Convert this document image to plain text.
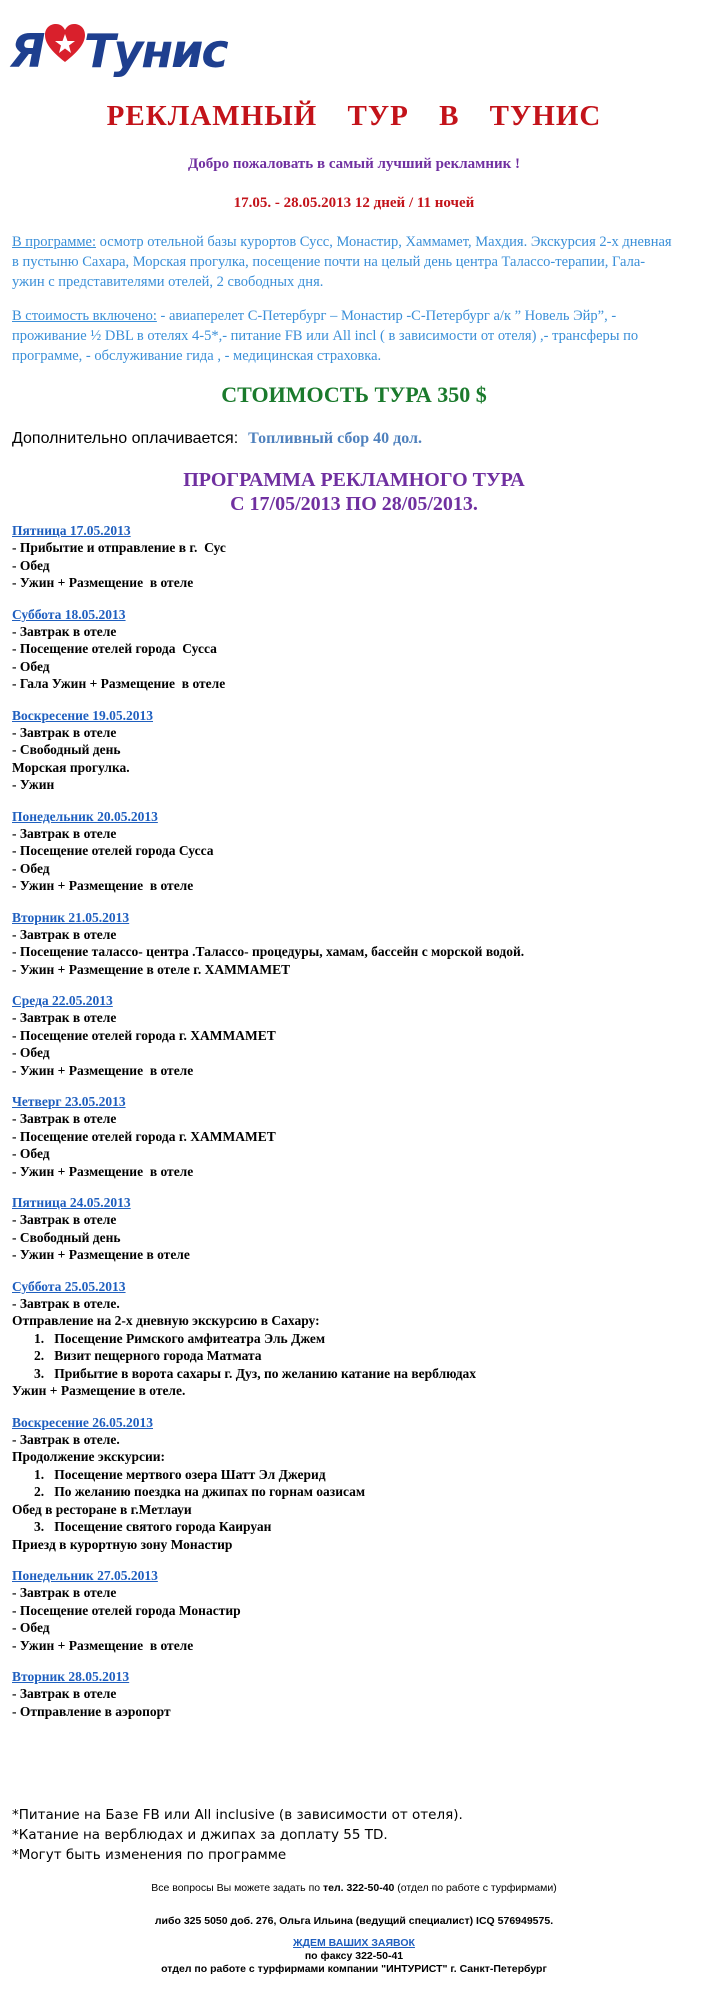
Я Тунис
РЕКЛАМНЫЙ ТУР В ТУНИС
Добро пожаловать в самый лучший рекламник !
17.05. - 28.05.2013 12 дней / 11 ночей
В программе: осмотр отельной базы курортов Сусс, Монастир, Хаммамет, Махдия. Экскурсия 2-х дневная в пустыню Сахара, Морская прогулка, посещение почти на целый день центра Талассо-терапии, Гала- ужин с представителями отелей, 2 свободных дня.
В стоимость включено: - авиаперелет С-Петербург – Монастир -С-Петербург а/к ” Новель Эйр”, - проживание ½ DBL в отелях 4-5*,- питание FB или All incl ( в зависимости от отеля) ,- трансферы по программе, - обслуживание гида , - медицинская страховка.
СТОИМОСТЬ ТУРА 350 $
Дополнительно оплачивается: Топливный сбор 40 дол.
ПРОГРАММА РЕКЛАМНОГО ТУРА
С 17/05/2013 ПО 28/05/2013.
Пятница 17.05.2013
- Прибытие и отправление в г.  Сус
- Обед
- Ужин + Размещение  в отеле
Суббота 18.05.2013
- Завтрак в отеле
- Посещение отелей города  Сусса
- Обед
- Гала Ужин + Размещение  в отеле
Воскресение 19.05.2013
- Завтрак в отеле
- Свободный день
Морская прогулка.
- Ужин
Понедельник 20.05.2013
- Завтрак в отеле
- Посещение отелей города Сусса
- Обед
- Ужин + Размещение  в отеле
Вторник 21.05.2013
- Завтрак в отеле
- Посещение талассо- центра .Талассо- процедуры, хамам, бассейн с морской водой.
- Ужин + Размещение в отеле г. ХАММАМЕТ
Среда 22.05.2013
- Завтрак в отеле
- Посещение отелей города г. ХАММАМЕТ
- Обед
- Ужин + Размещение  в отеле
Четверг 23.05.2013
- Завтрак в отеле
- Посещение отелей города г. ХАММАМЕТ
- Обед
- Ужин + Размещение  в отеле
Пятница 24.05.2013
- Завтрак в отеле
- Свободный день
- Ужин + Размещение в отеле
Суббота 25.05.2013
- Завтрак в отеле.
Отправление на 2-х дневную экскурсию в Сахару:
1.   Посещение Римского амфитеатра Эль Джем
2.   Визит пещерного города Матмата
3.   Прибытие в ворота сахары г. Дуз, по желанию катание на верблюдах
Ужин + Размещение в отеле.
Воскресение 26.05.2013
- Завтрак в отеле.
Продолжение экскурсии:
1.   Посещение мертвого озера Шатт Эл Джерид
2.   По желанию поездка на джипах по горнам оазисам
Обед в ресторане в г.Метлауи
3.   Посещение святого города Каируан
Приезд в курортную зону Монастир
Понедельник 27.05.2013
- Завтрак в отеле
- Посещение отелей города Монастир
- Обед
- Ужин + Размещение  в отеле
Вторник 28.05.2013
- Завтрак в отеле
- Отправление в аэропорт
*Питание на Базе FB или All inclusive (в зависимости от отеля).
*Катание на верблюдах и джипах за доплату 55 TD.
*Могут быть изменения по программе
Все вопросы Вы можете задать по тел. 322-50-40 (отдел по работе с турфирмами)
либо 325 5050 доб. 276, Ольга Ильина (ведущий специалист) ICQ 576949575.
ЖДЕМ ВАШИХ ЗАЯВОК
по факсу 322-50-41
отдел по работе с турфирмами компании "ИНТУРИСТ" г. Санкт-Петербург
